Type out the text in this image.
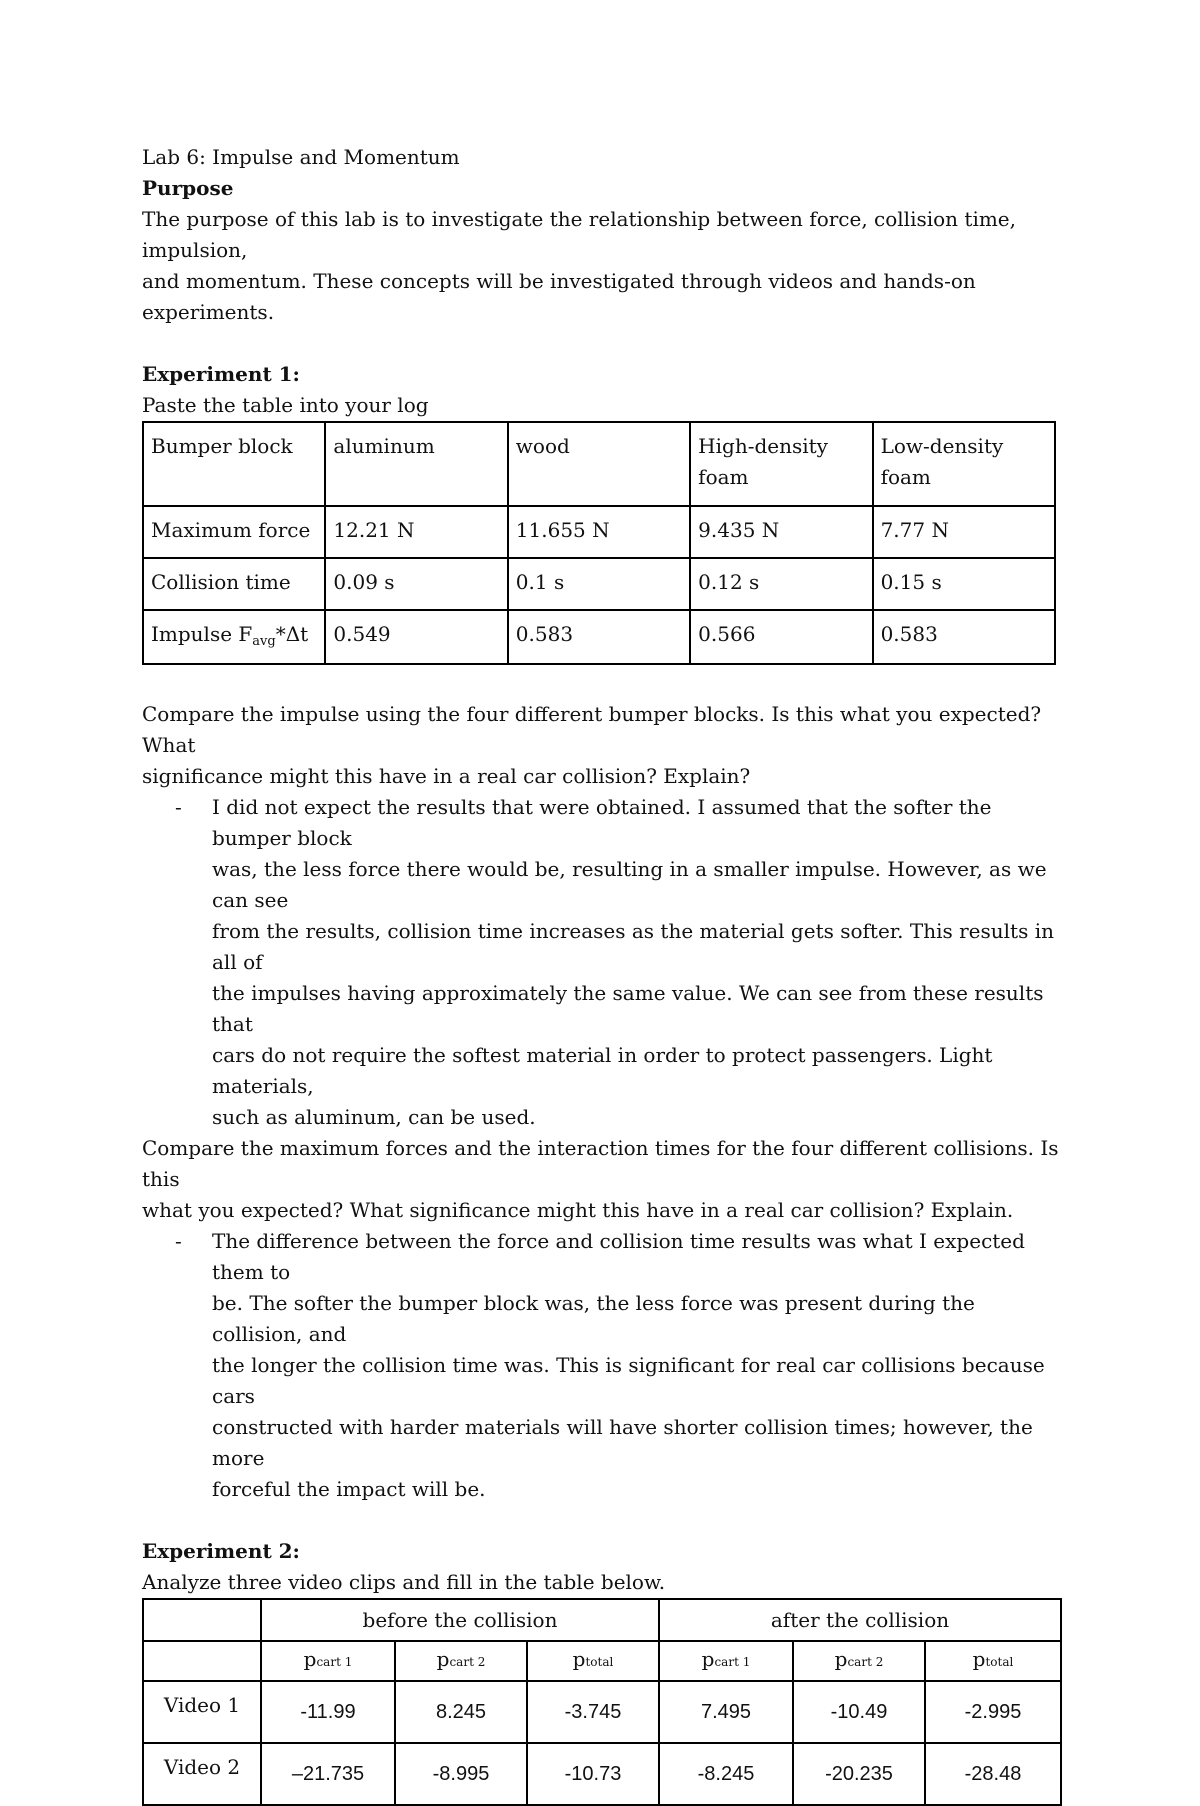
Lab 6: Impulse and Momentum

Purpose

The purpose of this lab is to investigate the relationship between force, collision time, impulsion,

and momentum. These concepts will be investigated through videos and hands-on experiments.

Experiment 1:

Paste the table into your log

Bumper block	aluminum	wood	High-density foam	Low-density foam
Maximum force	12.21 N	11.655 N	9.435 N	7.77 N
Collision time	0.09 s	0.1 s	0.12 s	0.15 s
Impulse $F_{avg}*\Delta t$	0.549	0.583	0.566	0.583

Compare the impulse using the four different bumper blocks. Is this what you expected? What

significance might this have in a real car collision? Explain?

- I did not expect the results that were obtained. I assumed that the softer the bumper block
was, the less force there would be, resulting in a smaller impulse. However, as we can see
from the results, collision time increases as the material gets softer. This results in all of
the impulses having approximately the same value. We can see from these results that
cars do not require the softest material in order to protect passengers. Light materials,
such as aluminum, can be used.

Compare the maximum forces and the interaction times for the four different collisions. Is this

what you expected? What significance might this have in a real car collision? Explain.

- The difference between the force and collision time results was what I expected them to
be. The softer the bumper block was, the less force was present during the collision, and
the longer the collision time was. This is significant for real car collisions because cars
constructed with harder materials will have shorter collision times; however, the more
forceful the impact will be.

Experiment 2:

Analyze three video clips and fill in the table below.

	before the collision			after the collision		
	pcart 1	pcart 2	ptotal	pcart 1	pcart 2	ptotal
Video 1	-11.99	8.245	-3.745	7.495	-10.49	-2.995
Video 2	–21.735	-8.995	-10.73	-8.245	-20.235	-28.48
